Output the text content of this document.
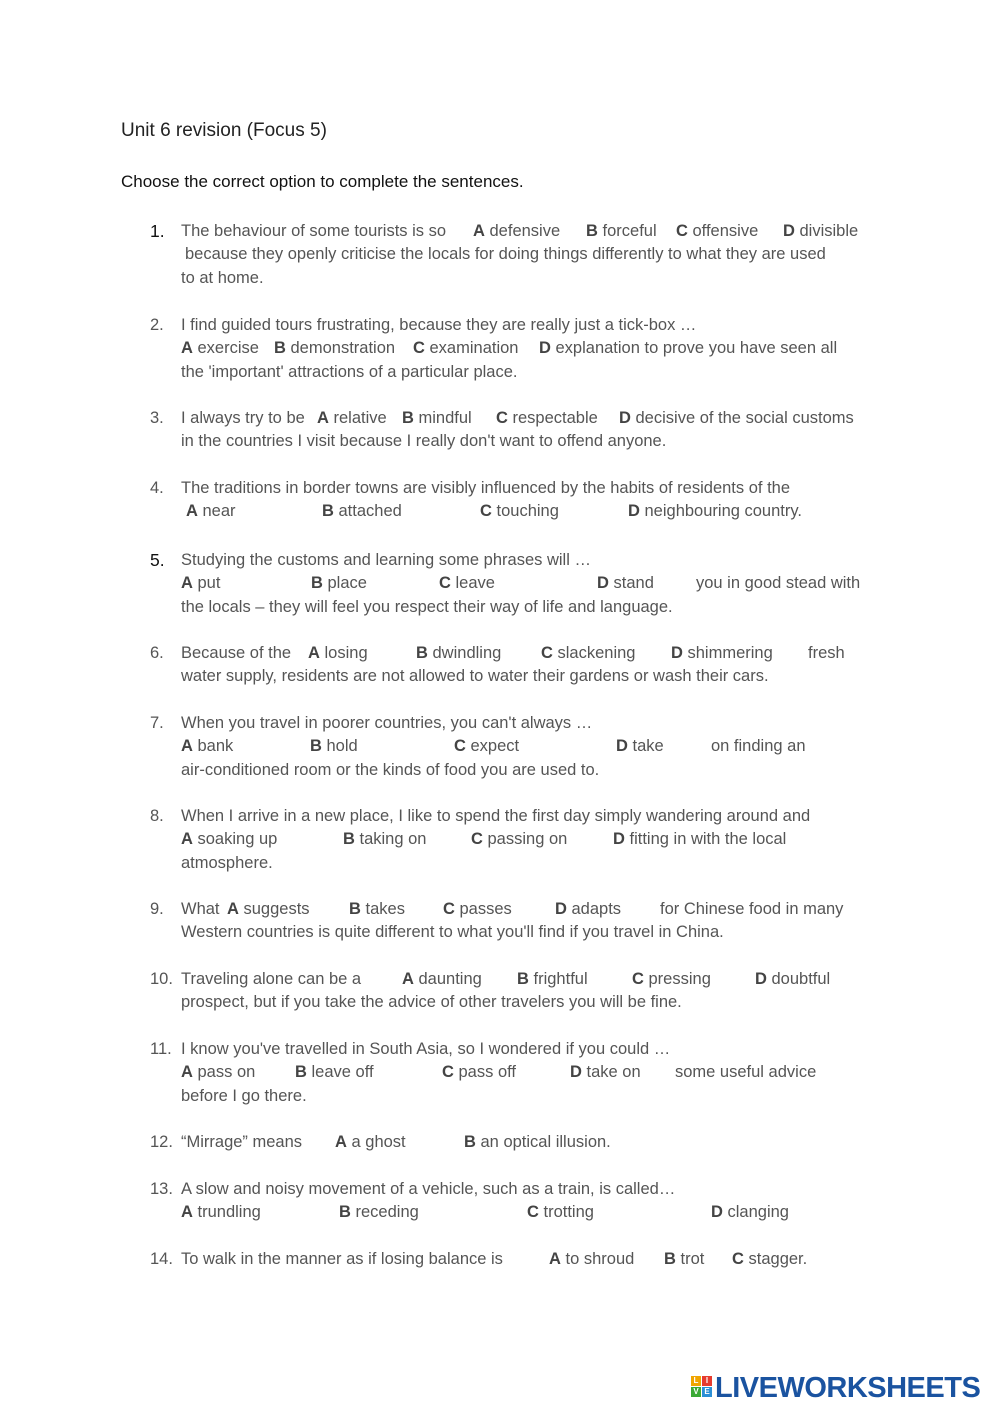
Unit 6 revision (Focus 5)
Choose the correct option to complete the sentences.
1. The behaviour of some tourists is so A defensive B forceful C offensive D divisible
because they openly criticise the locals for doing things differently to what they are used
to at home.
2.	I find guided tours frustrating, because they are really just a tick-box …
A exercise B demonstration C examination D explanation to prove you have seen all
the 'important' attractions of a particular place.
3.	I always try to be A relative B mindful C respectable D decisive of the social customs
in the countries I visit because I really don't want to offend anyone.
4.	The traditions in border towns are visibly influenced by the habits of residents of the
A near	B attached	C touching	D neighbouring country.
5. Studying the customs and learning some phrases will …
A put	B place	C leave	D stand	you in good stead with
the locals – they will feel you respect their way of life and language.
6.	Because of the A losing	B dwindling C slackening D shimmering fresh
water supply, residents are not allowed to water their gardens or wash their cars.
7.	When you travel in poorer countries, you can't always …
A bank	B hold	C expect	D take	on finding an
air-conditioned room or the kinds of food you are used to.
8.	When I arrive in a new place, I like to spend the first day simply wandering around and
A soaking up	B taking on	C passing on	D fitting in with the local
atmosphere.
9.	What A suggests B takes C passes	D adapts for Chinese food in many
Western countries is quite different to what you'll find if you travel in China.
10. Traveling alone can be a A daunting B frightful	C pressing	D doubtful
prospect, but if you take the advice of other travelers you will be fine.
11. I know you've travelled in South Asia, so I wondered if you could …
A pass on B leave off	C pass off	D take on some useful advice
before I go there.
12. “Mirrage” means A a ghost	B an optical illusion.
13. A slow and noisy movement of a vehicle, such as a train, is called…
A trundling	B receding	C trotting	D clanging
14. To walk in the manner as if losing balance is	A to shroud B trot C stagger.
L I
V E LIVEWORKSHEETS
